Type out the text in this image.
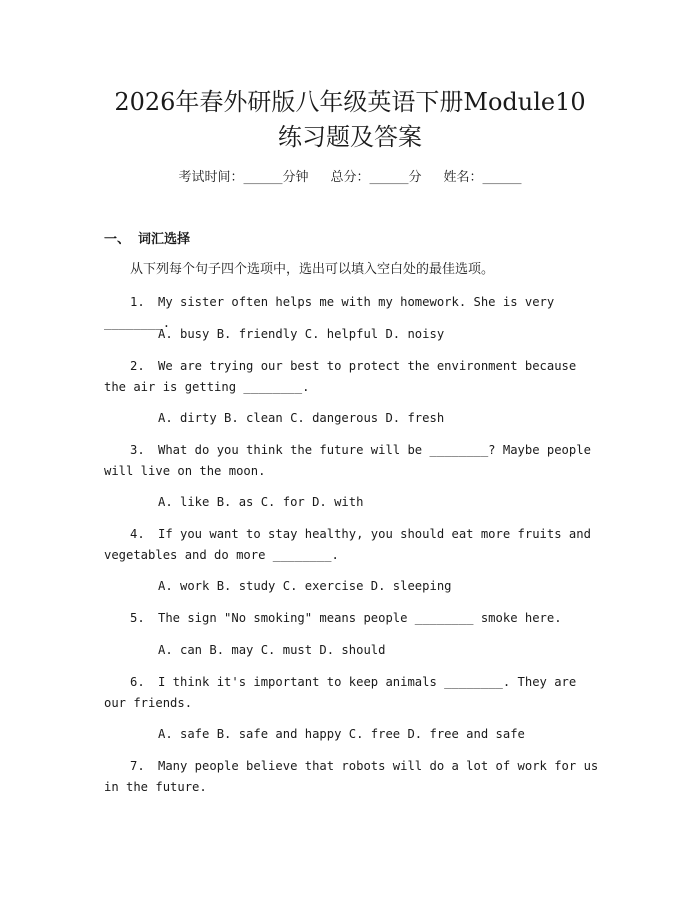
2026年春外研版八年级英语下册Module10
练习题及答案
考试时间：______分钟 总分：______分 姓名：______
一、 词汇选择
从下列每个句子四个选项中，选出可以填入空白处的最佳选项。
1. My sister often helps me with my homework. She is very ________.
A. busy B. friendly C. helpful D. noisy
2. We are trying our best to protect the environment because the air is getting ________.
A. dirty B. clean C. dangerous D. fresh
3. What do you think the future will be ________? Maybe people will live on the moon.
A. like B. as C. for D. with
4. If you want to stay healthy, you should eat more fruits and vegetables and do more ________.
A. work B. study C. exercise D. sleeping
5. The sign "No smoking" means people ________ smoke here.
A. can B. may C. must D. should
6. I think it's important to keep animals ________. They are our friends.
A. safe B. safe and happy C. free D. free and safe
7. Many people believe that robots will do a lot of work for us in the future.
